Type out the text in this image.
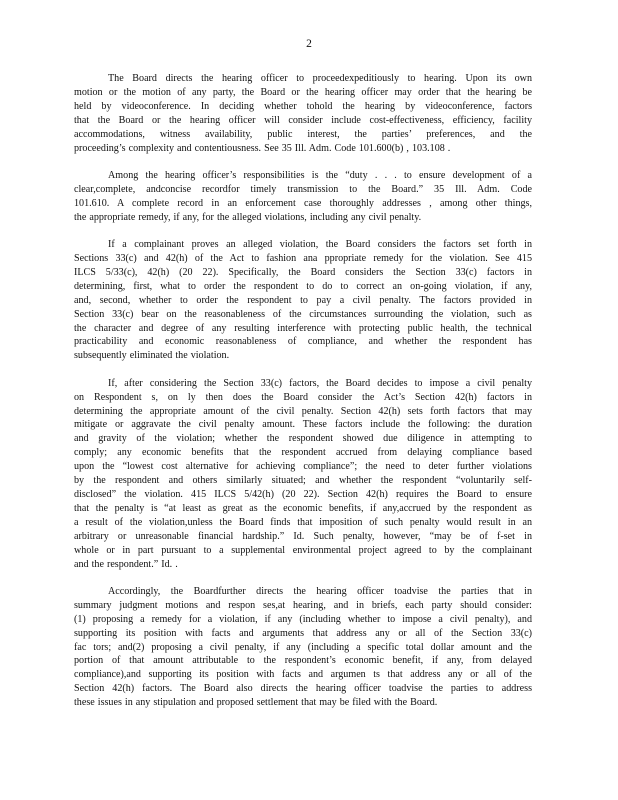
2

The Board directs the hearing officer to proceedexpeditiously to hearing. Upon its own
motion or the motion of any party, the Board or the hearing officer may order that the hearing be
held by videoconference. In deciding whether tohold the hearing by videoconference, factors
that the Board or the hearing officer will consider include cost-effectiveness, efficiency, facility
accommodations, witness availability, public interest, the parties’ preferences, and the
proceeding’s complexity and contentiousness. See 35 Ill. Adm. Code 101.600(b) , 103.108 .

Among the hearing officer’s responsibilities is the “duty . . . to ensure development of a
clear,complete, andconcise recordfor timely transmission to the Board.” 35 Ill. Adm. Code
101.610. A complete record in an enforcement case thoroughly addresses , among other things,
the appropriate remedy, if any, for the alleged violations, including any civil penalty.

If a complainant proves an alleged violation, the Board considers the factors set forth in
Sections 33(c) and 42(h) of the Act to fashion ana ppropriate remedy for the violation. See 415
ILCS 5/33(c), 42(h) (20 22). Specifically, the Board considers the Section 33(c) factors in
determining, first, what to order the respondent to do to correct an on-going violation, if any,
and, second, whether to order the respondent to pay a civil penalty. The factors provided in
Section 33(c) bear on the reasonableness of the circumstances surrounding the violation, such as
the character and degree of any resulting interference with protecting public health, the technical
practicability and economic reasonableness of compliance, and whether the respondent has
subsequently eliminated the violation.

If, after considering the Section 33(c) factors, the Board decides to impose a civil penalty
on Respondent s, on ly then does the Board consider the Act’s Section 42(h) factors in
determining the appropriate amount of the civil penalty. Section 42(h) sets forth factors that may
mitigate or aggravate the civil penalty amount. These factors include the following: the duration
and gravity of the violation; whether the respondent showed due diligence in attempting to
comply; any economic benefits that the respondent accrued from delaying compliance based
upon the “lowest cost alternative for achieving compliance”; the need to deter further violations
by the respondent and others similarly situated; and whether the respondent “voluntarily self-
disclosed” the violation. 415 ILCS 5/42(h) (20 22). Section 42(h) requires the Board to ensure
that the penalty is “at least as great as the economic benefits, if any,accrued by the respondent as
a result of the violation,unless the Board finds that imposition of such penalty would result in an
arbitrary or unreasonable financial hardship.” Id. Such penalty, however, “may be of f-set in
whole or in part pursuant to a supplemental environmental project agreed to by the complainant
and the respondent.” Id. .

Accordingly, the Boardfurther directs the hearing officer toadvise the parties that in
summary judgment motions and respon ses,at hearing, and in briefs, each party should consider:
(1) proposing a remedy for a violation, if any (including whether to impose a civil penalty), and
supporting its position with facts and arguments that address any or all of the Section 33(c)
fac tors; and(2) proposing a civil penalty, if any (including a specific total dollar amount and the
portion of that amount attributable to the respondent’s economic benefit, if any, from delayed
compliance),and supporting its position with facts and argumen ts that address any or all of the
Section 42(h) factors. The Board also directs the hearing officer toadvise the parties to address
these issues in any stipulation and proposed settlement that may be filed with the Board.
